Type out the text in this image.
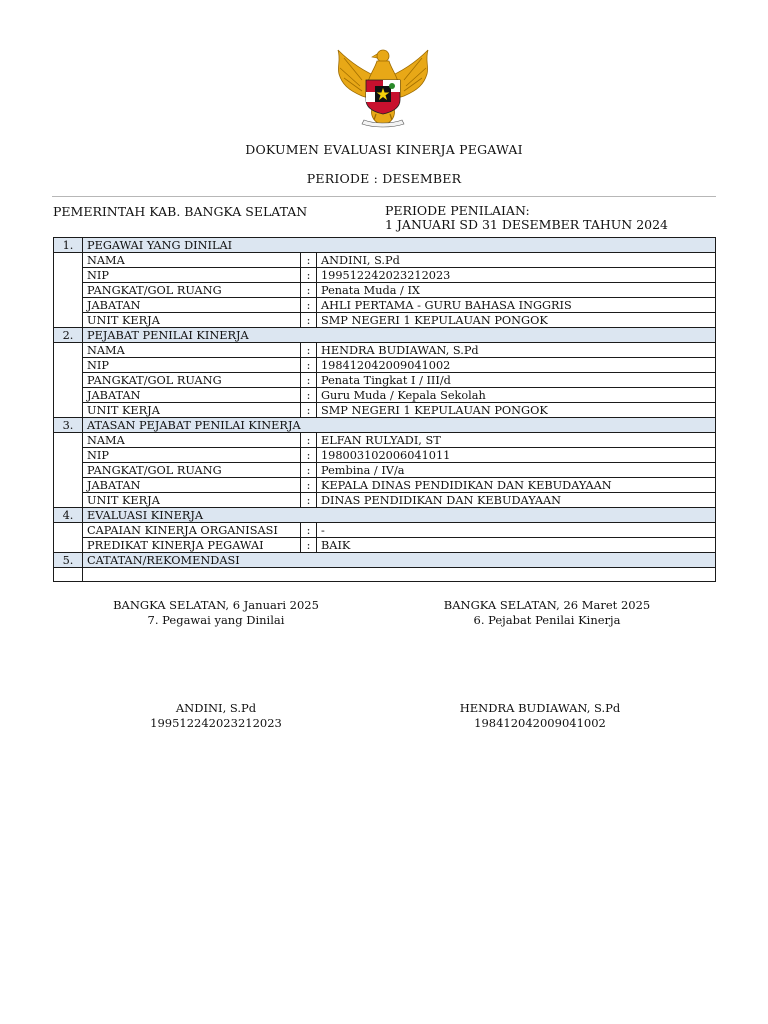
DOKUMEN EVALUASI KINERJA PEGAWAI
PERIODE : DESEMBER
PEMERINTAH KAB. BANGKA SELATAN	PERIODE PENILAIAN:
1 JANUARI SD 31 DESEMBER TAHUN 2024
1.	PEGAWAI YANG DINILAI		
	NAMA	:	ANDINI, S.Pd
	NIP	:	199512242023212023
	PANGKAT/GOL RUANG	:	Penata Muda / IX
	JABATAN	:	AHLI PERTAMA - GURU BAHASA INGGRIS
	UNIT KERJA	:	SMP NEGERI 1 KEPULAUAN PONGOK
2.	PEJABAT PENILAI KINERJA		
	NAMA	:	HENDRA BUDIAWAN, S.Pd
	NIP	:	198412042009041002
	PANGKAT/GOL RUANG	:	Penata Tingkat I / III/d
	JABATAN	:	Guru Muda / Kepala Sekolah
	UNIT KERJA	:	SMP NEGERI 1 KEPULAUAN PONGOK
3.	ATASAN PEJABAT PENILAI KINERJA		
	NAMA	:	ELFAN RULYADI, ST
	NIP	:	198003102006041011
	PANGKAT/GOL RUANG	:	Pembina / IV/a
	JABATAN	:	KEPALA DINAS PENDIDIKAN DAN KEBUDAYAAN
	UNIT KERJA	:	DINAS PENDIDIKAN DAN KEBUDAYAAN
4.	EVALUASI KINERJA		
	CAPAIAN KINERJA ORGANISASI	:	-
	PREDIKAT KINERJA PEGAWAI	:	BAIK
5.	CATATAN/REKOMENDASI		

BANGKA SELATAN, 6 Januari 2025
7. Pegawai yang Dinilai
BANGKA SELATAN, 26 Maret 2025
6. Pejabat Penilai Kinerja
ANDINI, S.Pd
199512242023212023
HENDRA BUDIAWAN, S.Pd
198412042009041002
